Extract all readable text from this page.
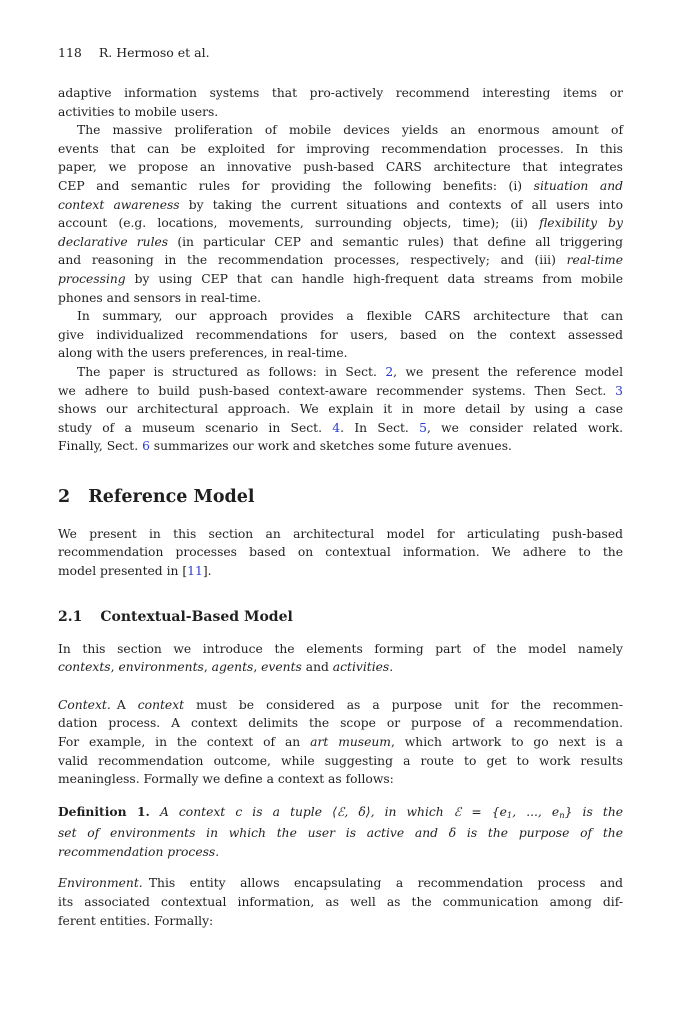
118 R. Hermoso et al.
adaptive information systems that pro-actively recommend interesting items or
activities to mobile users.
The massive proliferation of mobile devices yields an enormous amount of
events that can be exploited for improving recommendation processes. In this
paper, we propose an innovative push-based CARS architecture that integrates
CEP and semantic rules for providing the following benefits: (i) situation and
context awareness by taking the current situations and contexts of all users into
account (e.g. locations, movements, surrounding objects, time); (ii) flexibility by
declarative rules (in particular CEP and semantic rules) that define all triggering
and reasoning in the recommendation processes, respectively; and (iii) real-time
processing by using CEP that can handle high-frequent data streams from mobile
phones and sensors in real-time.
In summary, our approach provides a flexible CARS architecture that can
give individualized recommendations for users, based on the context assessed
along with the users preferences, in real-time.
The paper is structured as follows: in Sect. 2, we present the reference model
we adhere to build push-based context-aware recommender systems. Then Sect. 3
shows our architectural approach. We explain it in more detail by using a case
study of a museum scenario in Sect. 4. In Sect. 5, we consider related work.
Finally, Sect. 6 summarizes our work and sketches some future avenues.
2 Reference Model
We present in this section an architectural model for articulating push-based
recommendation processes based on contextual information. We adhere to the
model presented in [11].
2.1 Contextual-Based Model
In this section we introduce the elements forming part of the model namely
contexts, environments, agents, events and activities.
Context. A context must be considered as a purpose unit for the recommen-
dation process. A context delimits the scope or purpose of a recommendation.
For example, in the context of an art museum, which artwork to go next is a
valid recommendation outcome, while suggesting a route to get to work results
meaningless. Formally we define a context as follows:
Definition 1. A context c is a tuple ⟨ℰ, δ⟩, in which ℰ = {$e_1$, ..., $e_n$} is the
set of environments in which the user is active and δ is the purpose of the
recommendation process.
Environment. This entity allows encapsulating a recommendation process and
its associated contextual information, as well as the communication among dif-
ferent entities. Formally:
